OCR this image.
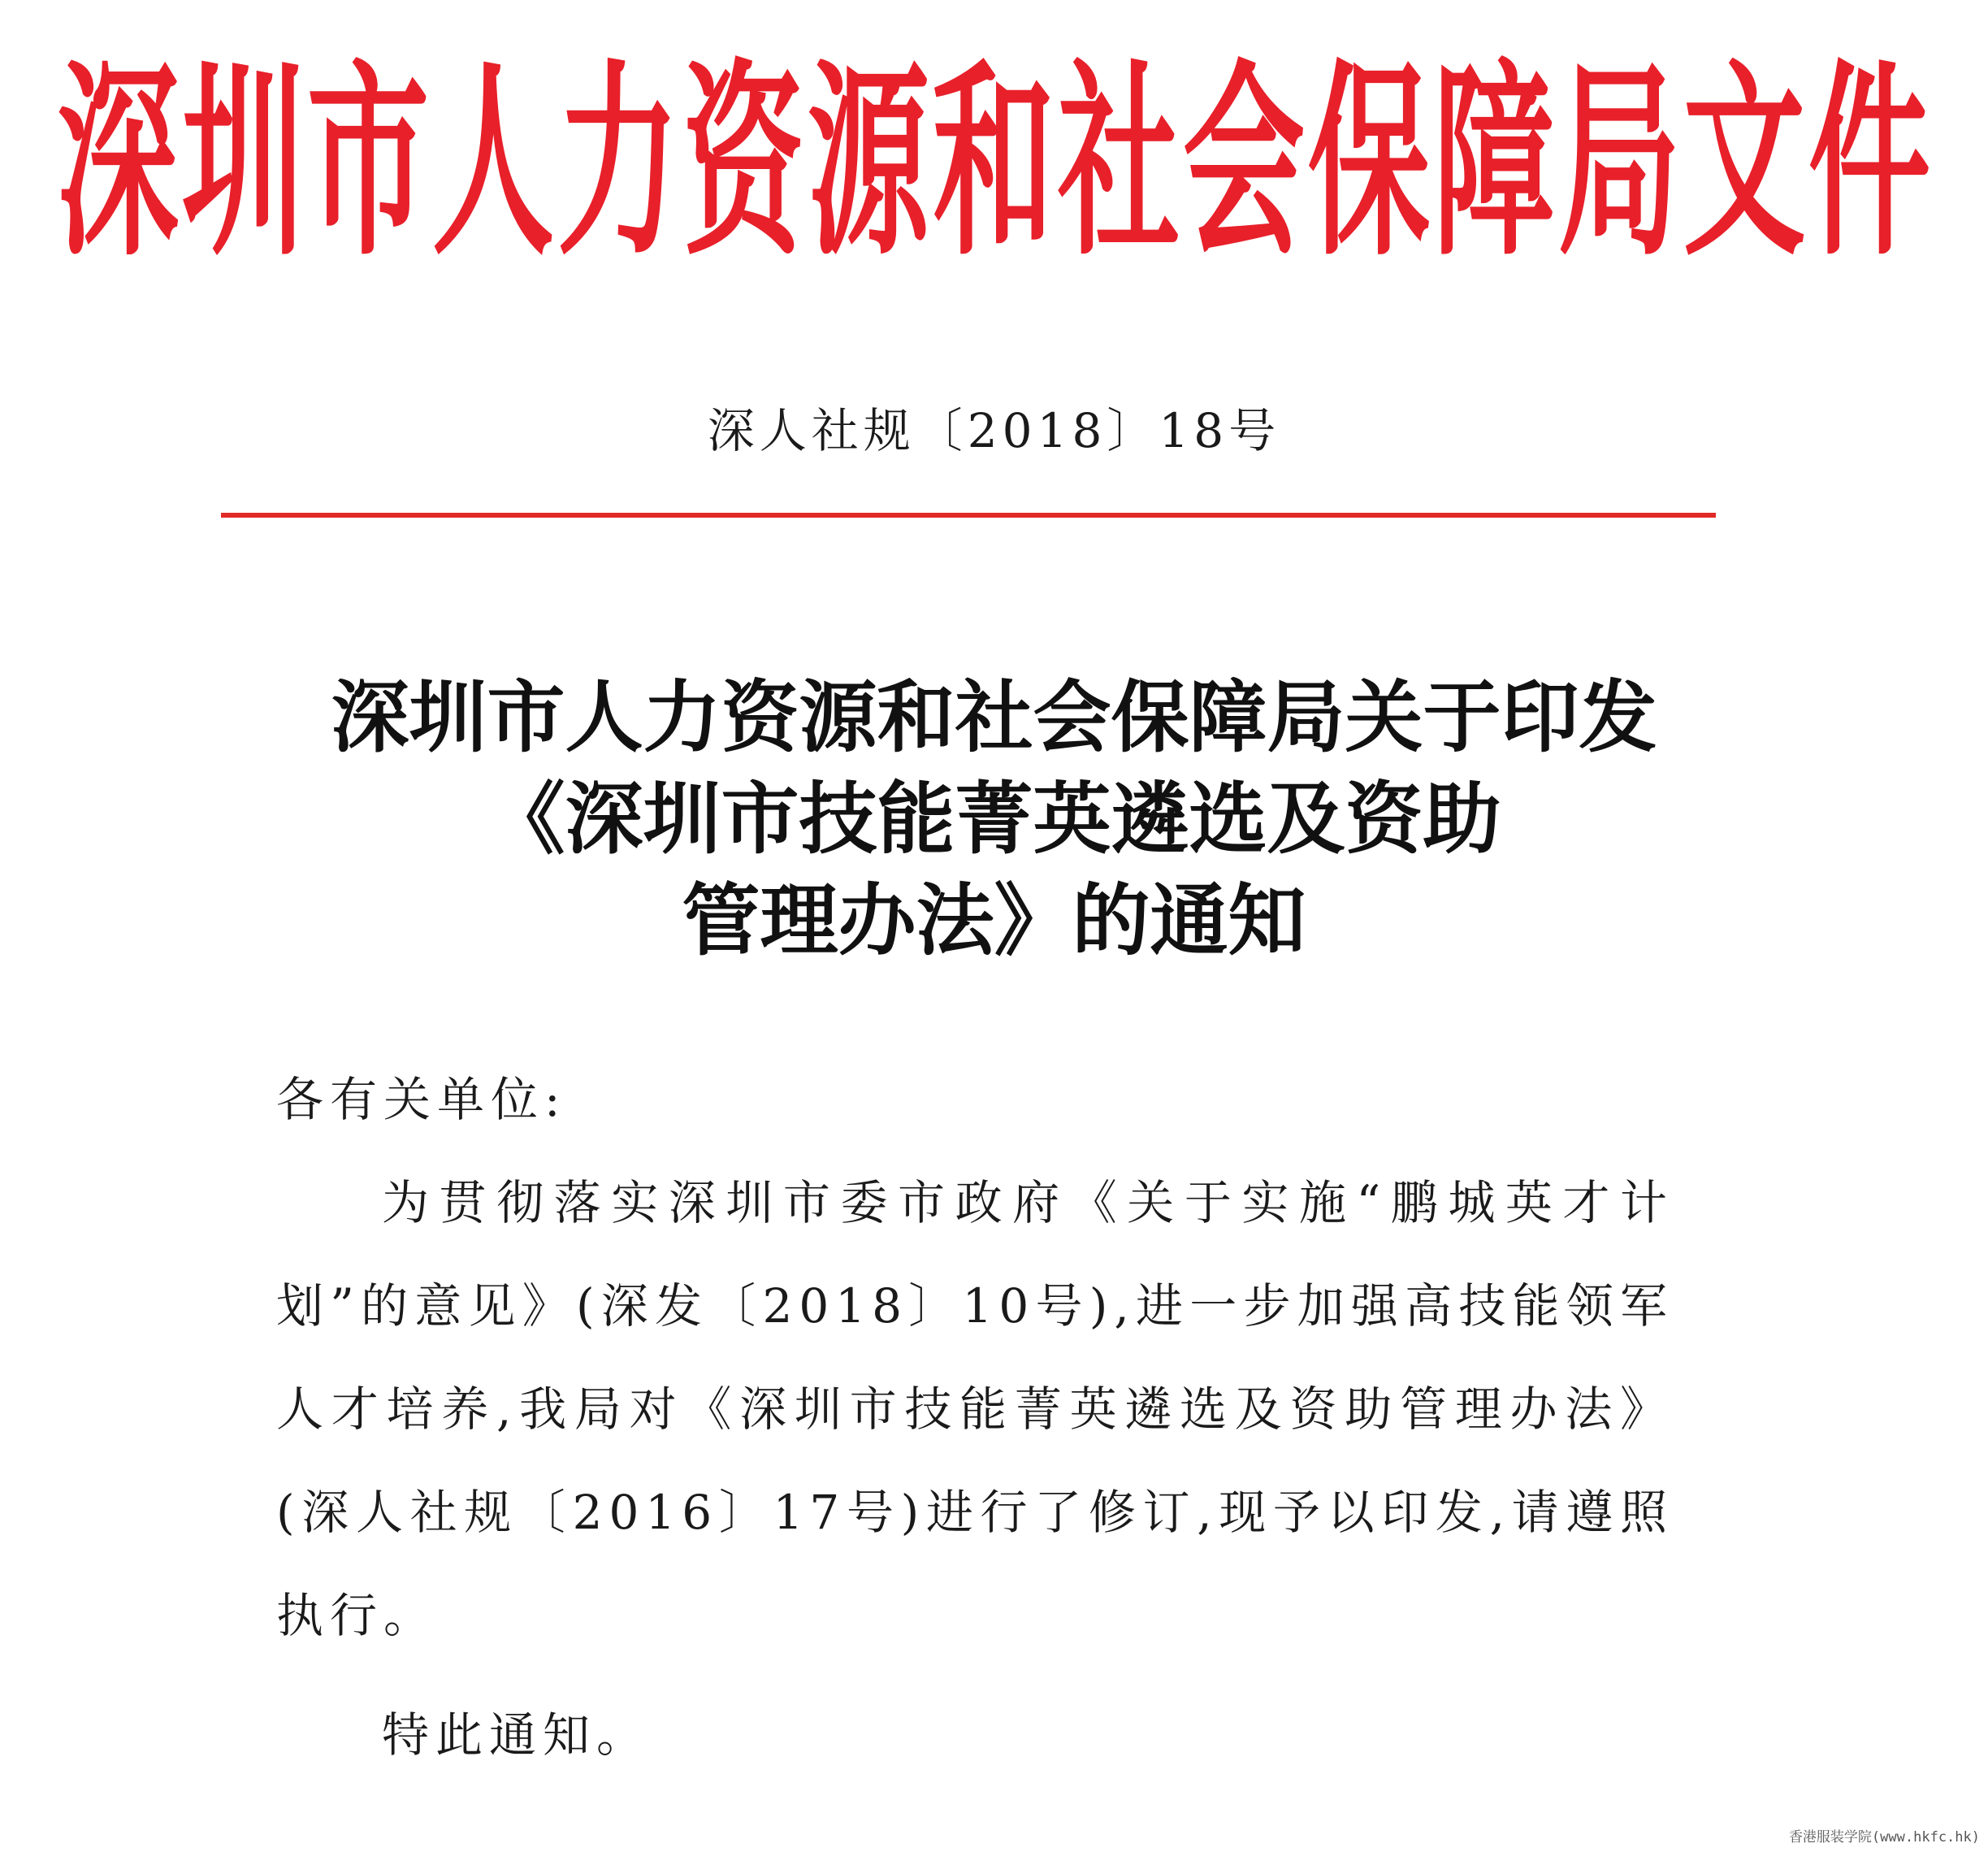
深圳市人力资源和社会保障局文件
深人社规〔2018〕18号
深圳市人力资源和社会保障局关于印发
《深圳市技能菁英遴选及资助
管理办法》的通知
各有关单位:

为贯彻落实深圳市委市政府《关于实施“鹏城英才计划”的意见》(深发〔2018〕10号),进一步加强高技能领军人才培养,我局对《深圳市技能菁英遴选及资助管理办法》(深人社规〔2016〕17号)进行了修订,现予以印发,请遵照执行。

特此通知。
香港服装学院(www.hkfc.hk)
